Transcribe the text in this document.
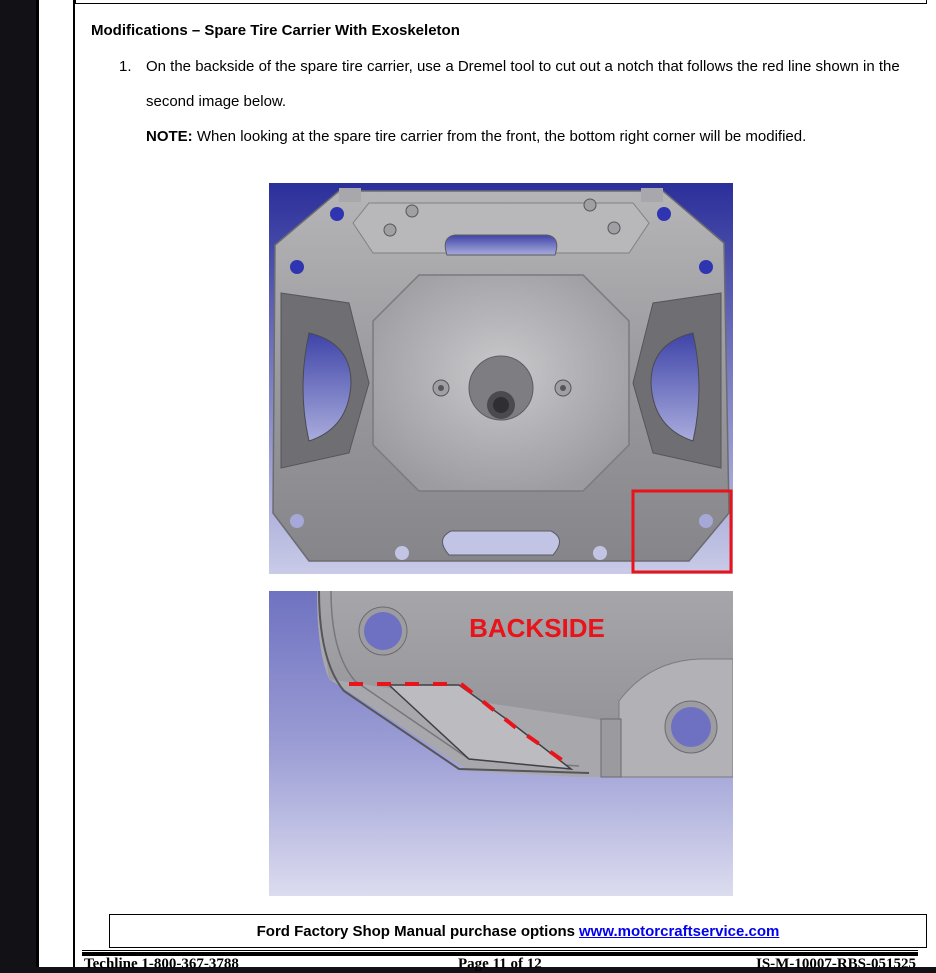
Modifications – Spare Tire Carrier With Exoskeleton
1. On the backside of the spare tire carrier, use a Dremel tool to cut out a notch that follows the red line shown in the
second image below.
NOTE: When looking at the spare tire carrier from the front, the bottom right corner will be modified.
BACKSIDE
Ford Factory Shop Manual purchase options www.motorcraftservice.com
Techline 1-800-367-3788	Page 11 of 12	IS-M-10007-RBS-051525
